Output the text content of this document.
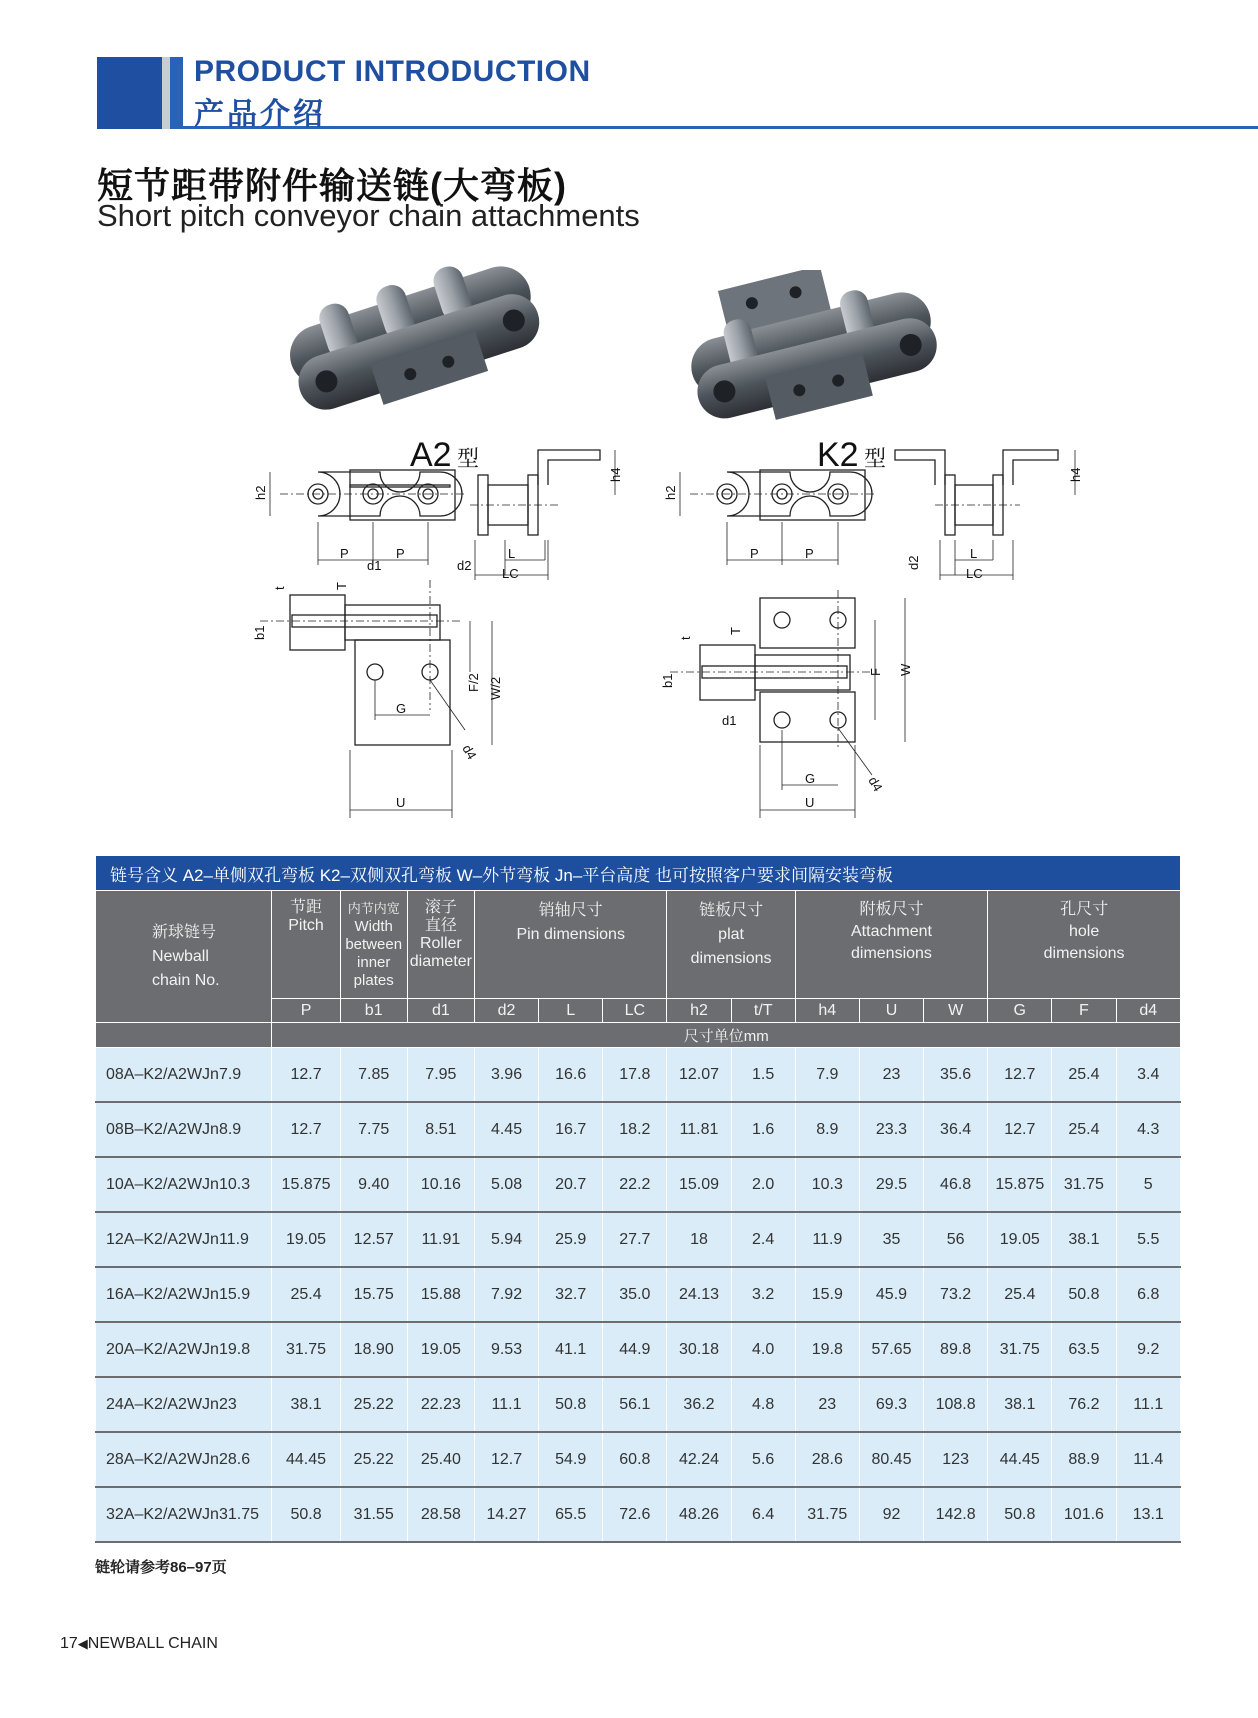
PRODUCT INTRODUCTION
产品介绍
短节距带附件输送链(大弯板)
Short pitch conveyor chain attachments
A2 型	K2 型
P	P
h2
L
LC
h4
d1	d2
T
t
b1
F/2 W/2
G
d4
U
P	P
h2
L
LC
h4
d2
F W
T
t
b1
d1
G	d4
U
链号含义 A2–单侧双孔弯板 K2–双侧双孔弯板 W–外节弯板 Jn–平台高度 也可按照客户要求间隔安装弯板														

新球链号
Newball
chain No.	节距
Pitch	内节内宽
Width
between
inner
plates	滚子
直径
Roller
diameter	销轴尺寸
Pin dimensions			链板尺寸
plat
dimensions		附板尺寸
Attachment
dimensions			孔尺寸
hole
dimensions		

	P	b1	d1	d2	L	LC	h2	t/T	h4	U	W	G	F	d4
	尺寸单位mm													
08A–K2/A2WJn7.9	12.7	7.85	7.95	3.96	16.6	17.8	12.07	1.5	7.9	23	35.6	12.7	25.4	3.4
08B–K2/A2WJn8.9	12.7	7.75	8.51	4.45	16.7	18.2	11.81	1.6	8.9	23.3	36.4	12.7	25.4	4.3
10A–K2/A2WJn10.3	15.875	9.40	10.16	5.08	20.7	22.2	15.09	2.0	10.3	29.5	46.8	15.875	31.75	5
12A–K2/A2WJn11.9	19.05	12.57	11.91	5.94	25.9	27.7	18	2.4	11.9	35	56	19.05	38.1	5.5
16A–K2/A2WJn15.9	25.4	15.75	15.88	7.92	32.7	35.0	24.13	3.2	15.9	45.9	73.2	25.4	50.8	6.8
20A–K2/A2WJn19.8	31.75	18.90	19.05	9.53	41.1	44.9	30.18	4.0	19.8	57.65	89.8	31.75	63.5	9.2
24A–K2/A2WJn23	38.1	25.22	22.23	11.1	50.8	56.1	36.2	4.8	23	69.3	108.8	38.1	76.2	11.1
28A–K2/A2WJn28.6	44.45	25.22	25.40	12.7	54.9	60.8	42.24	5.6	28.6	80.45	123	44.45	88.9	11.4
32A–K2/A2WJn31.75	50.8	31.55	28.58	14.27	65.5	72.6	48.26	6.4	31.75	92	142.8	50.8	101.6	13.1
链轮请参考86–97页
17◀NEWBALL CHAIN
